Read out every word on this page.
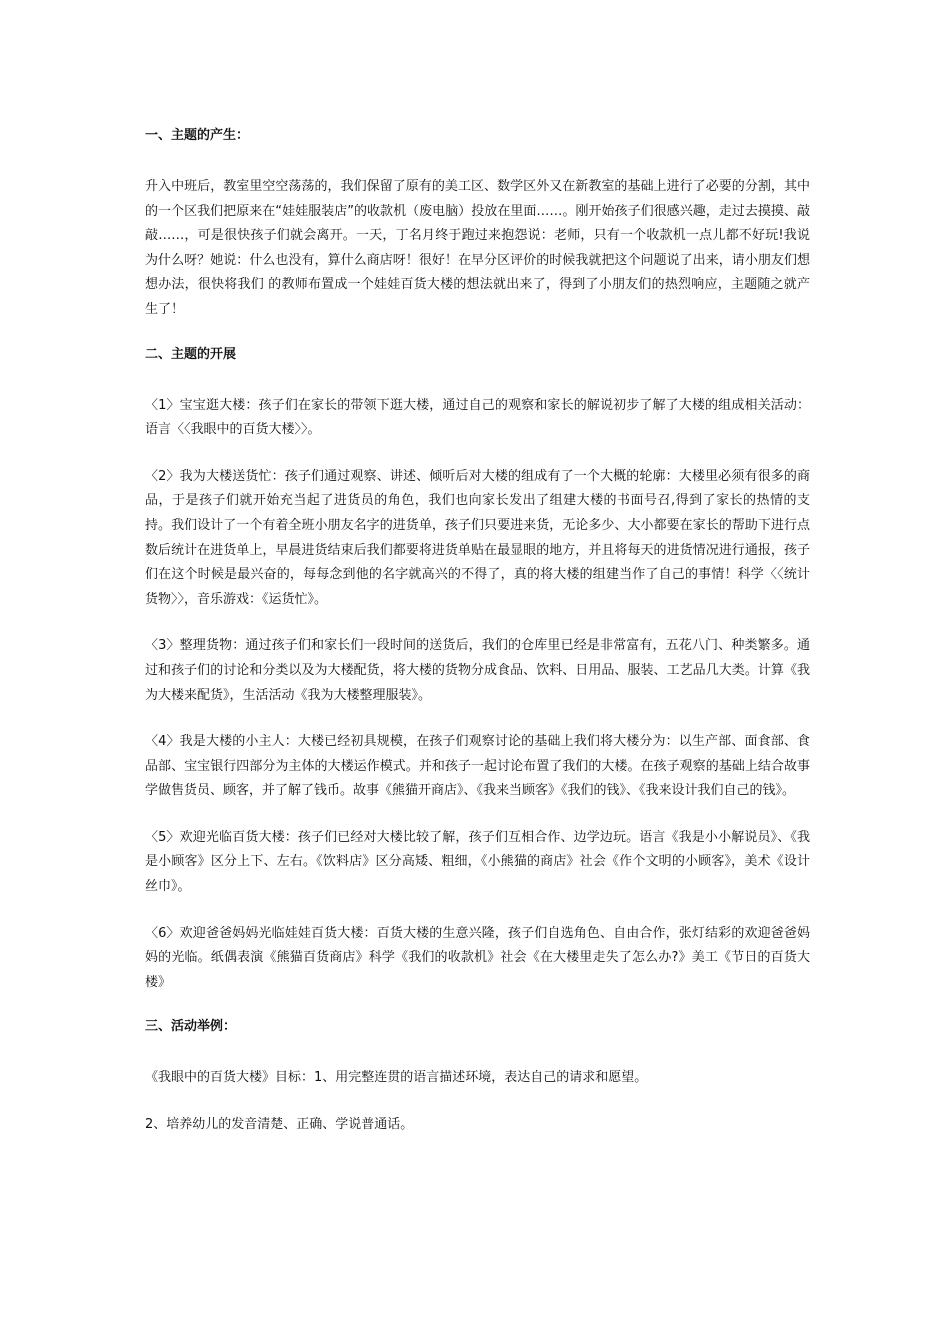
一、主题的产生：

升入中班后，教室里空空荡荡的，我们保留了原有的美工区、数学区外又在新教室的基础上进行了必要的分割，其中的一个区我们把原来在“娃娃服装店”的收款机（废电脑）投放在里面……。刚开始孩子们很感兴趣，走过去摸摸、敲敲……，可是很快孩子们就会离开。一天，丁名月终于跑过来抱怨说：老师，只有一个收款机一点儿都不好玩!我说为什么呀？她说：什么也没有，算什么商店呀！很好！在早分区评价的时候我就把这个问题说了出来，请小朋友们想想办法，很快将我们 的教师布置成一个娃娃百货大楼的想法就出来了，得到了小朋友们的热烈响应，主题随之就产生了！

二、主题的开展

〈1〉宝宝逛大楼：孩子们在家长的带领下逛大楼，通过自己的观察和家长的解说初步了解了大楼的组成相关活动：语言〈〈我眼中的百货大楼〉〉。

〈2〉我为大楼送货忙：孩子们通过观察、讲述、倾听后对大楼的组成有了一个大概的轮廓：大楼里必须有很多的商品，于是孩子们就开始充当起了进货员的角色，我们也向家长发出了组建大楼的书面号召,得到了家长的热情的支持。我们设计了一个有着全班小朋友名字的进货单，孩子们只要进来货，无论多少、大小都要在家长的帮助下进行点数后统计在进货单上，早晨进货结束后我们都要将进货单贴在最显眼的地方，并且将每天的进货情况进行通报，孩子们在这个时候是最兴奋的，每每念到他的名字就高兴的不得了，真的将大楼的组建当作了自己的事情！科学〈〈统计货物〉〉，音乐游戏：《运货忙》。

〈3〉整理货物：通过孩子们和家长们一段时间的送货后，我们的仓库里已经是非常富有，五花八门、种类繁多。通过和孩子们的讨论和分类以及为大楼配货，将大楼的货物分成食品、饮料、日用品、服装、工艺品几大类。计算《我为大楼来配货》，生活活动《我为大楼整理服装》。

〈4〉我是大楼的小主人：大楼已经初具规模，在孩子们观察讨论的基础上我们将大楼分为：以生产部、面食部、食品部、宝宝银行四部分为主体的大楼运作模式。并和孩子一起讨论布置了我们的大楼。在孩子观察的基础上结合故事学做售货员、顾客，并了解了钱币。故事《熊猫开商店》、《我来当顾客》《我们的钱》、《我来设计我们自己的钱》。

〈5〉欢迎光临百货大楼：孩子们已经对大楼比较了解，孩子们互相合作、边学边玩。语言《我是小小解说员》、《我是小顾客》区分上下、左右。《饮料店》区分高矮、粗细，《小熊猫的商店》社会《作个文明的小顾客》，美术《设计丝巾》。

〈6〉欢迎爸爸妈妈光临娃娃百货大楼：百货大楼的生意兴隆，孩子们自选角色、自由合作，张灯结彩的欢迎爸爸妈妈的光临。纸偶表演《熊猫百货商店》科学《我们的收款机》社会《在大楼里走失了怎么办?》美工《节日的百货大楼》

三、活动举例：

《我眼中的百货大楼》目标：1、用完整连贯的语言描述环境，表达自己的请求和愿望。

2、培养幼儿的发音清楚、正确、学说普通话。
